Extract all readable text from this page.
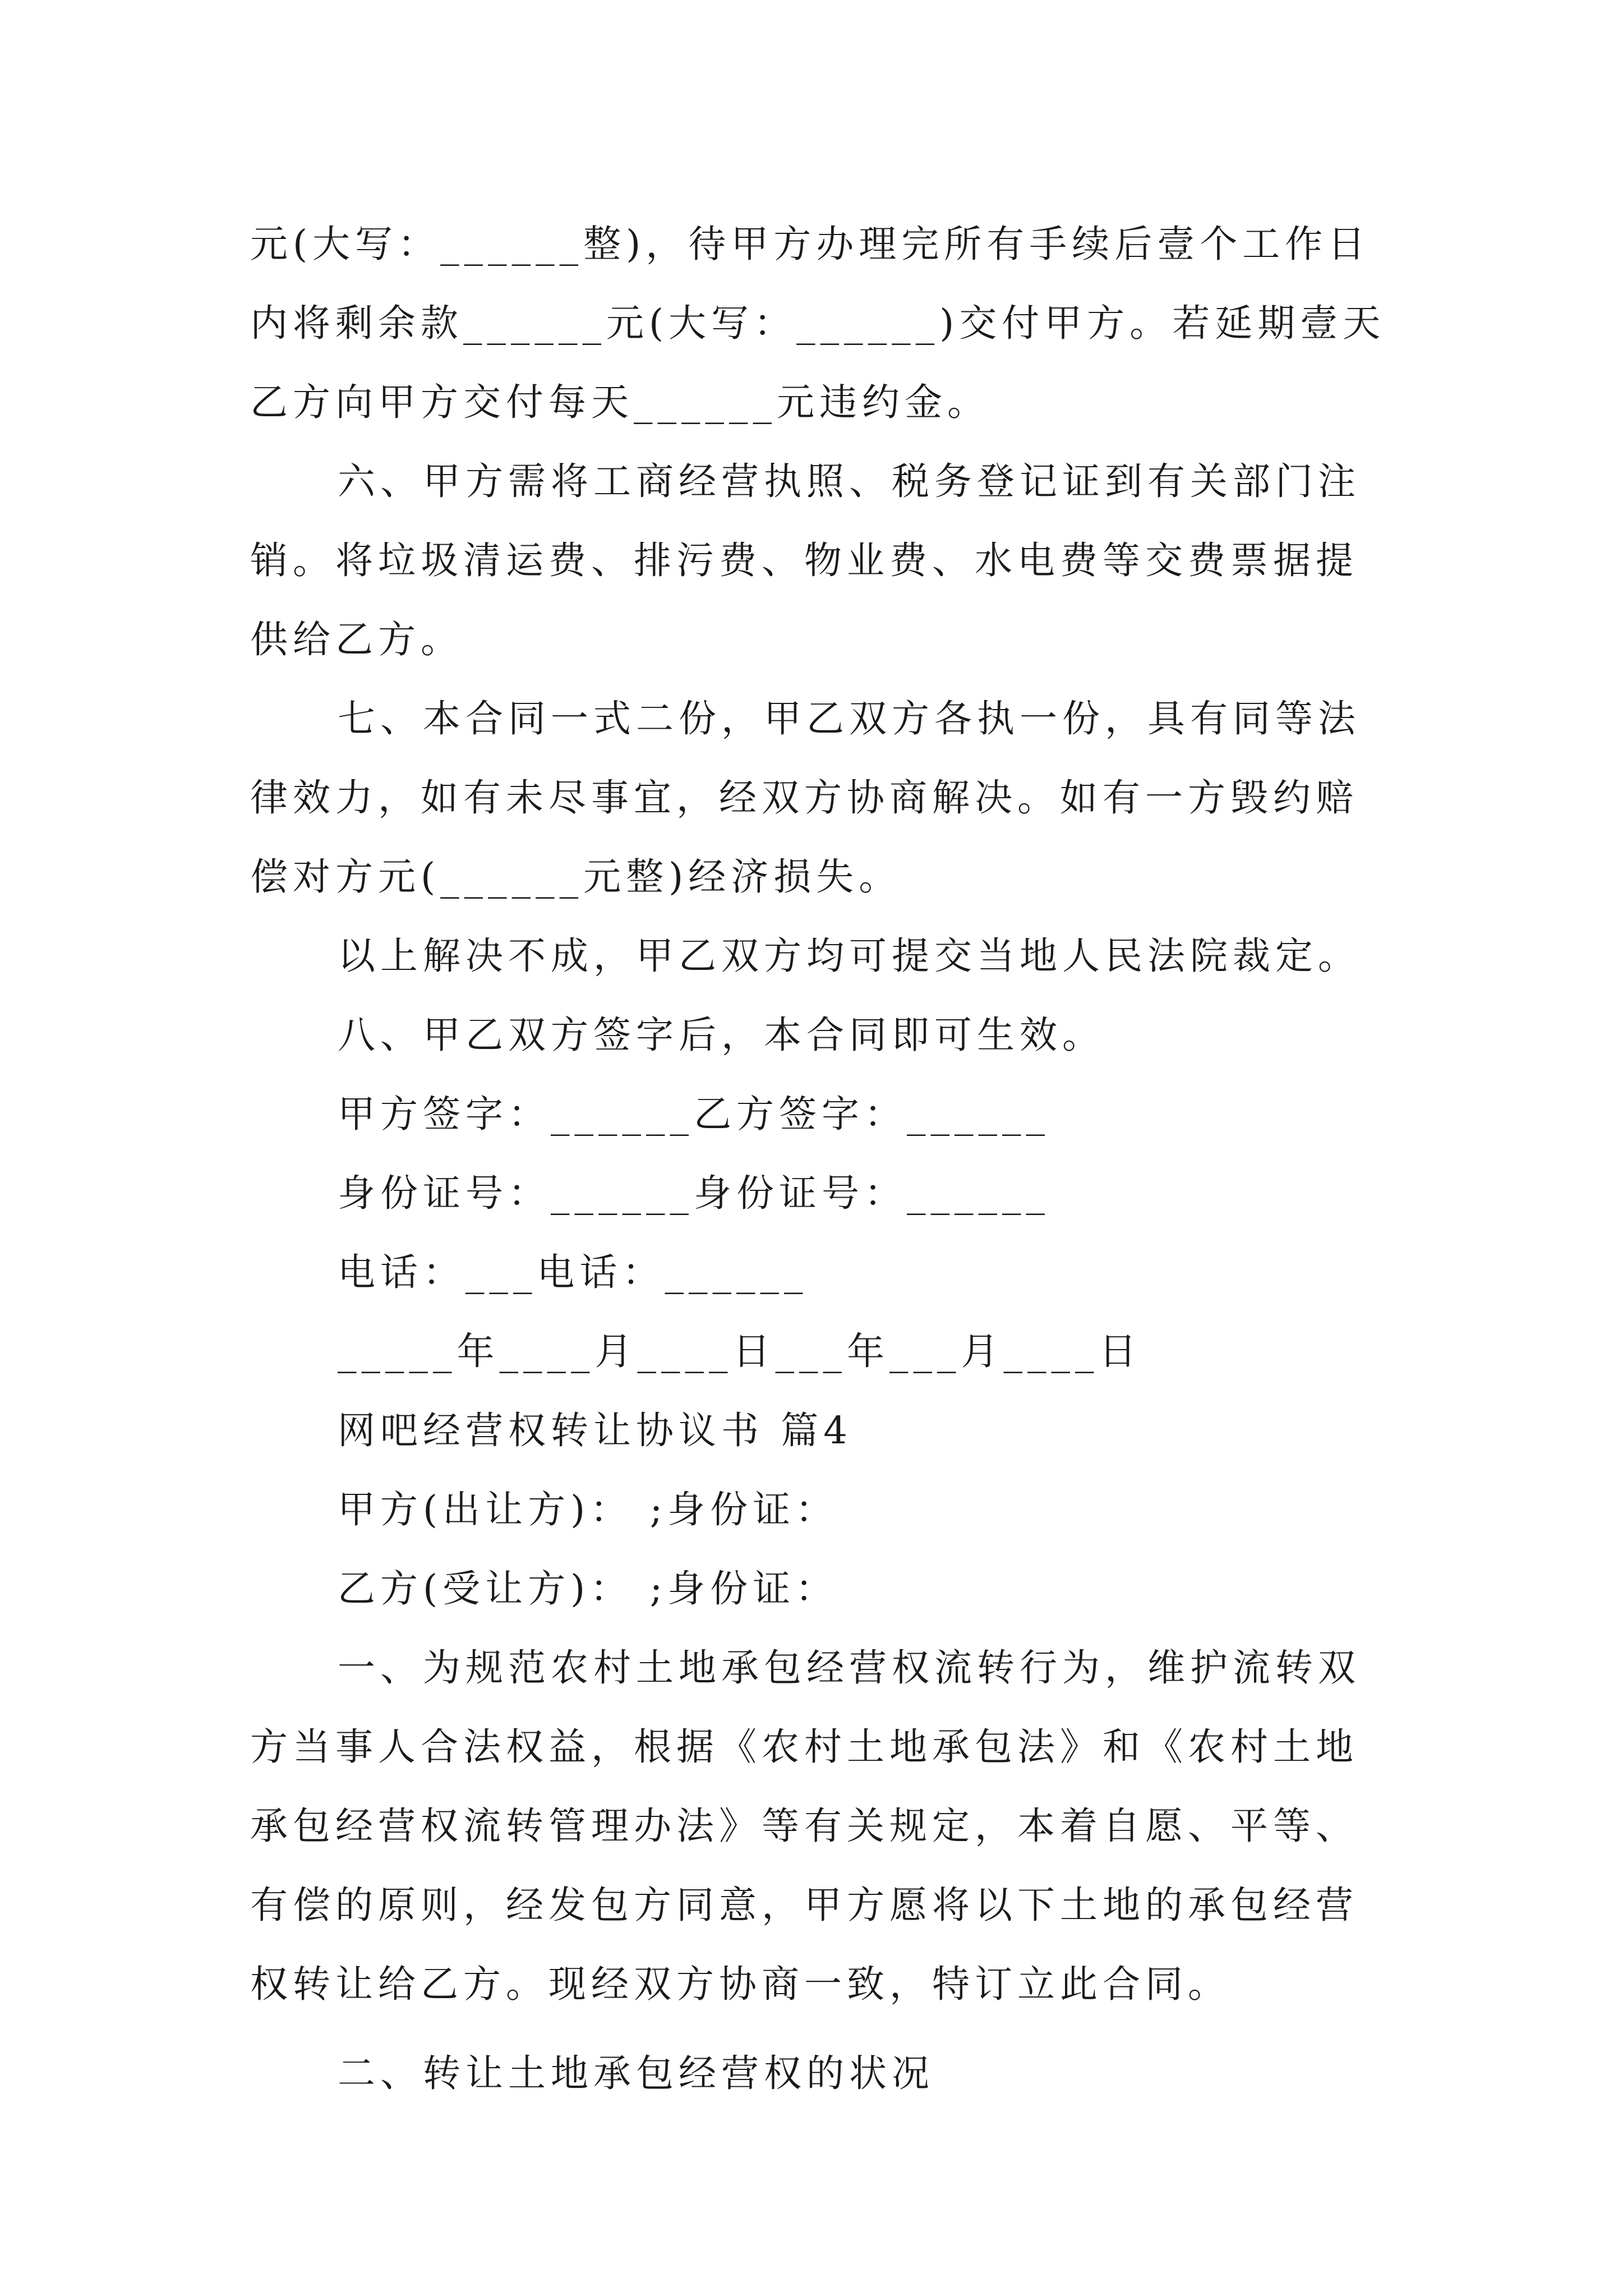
元(大写：______整)，待甲方办理完所有手续后壹个工作日
内将剩余款______元(大写：______)交付甲方。若延期壹天
乙方向甲方交付每天______元违约金。
六、甲方需将工商经营执照、税务登记证到有关部门注
销。将垃圾清运费、排污费、物业费、水电费等交费票据提
供给乙方。
七、本合同一式二份，甲乙双方各执一份，具有同等法
律效力，如有未尽事宜，经双方协商解决。如有一方毁约赔
偿对方元(______元整)经济损失。
以上解决不成，甲乙双方均可提交当地人民法院裁定。
八、甲乙双方签字后，本合同即可生效。
甲方签字：______乙方签字：______
身份证号：______身份证号：______
电话：___电话：______
_____年____月____日___年___月____日
网吧经营权转让协议书 篇4
甲方(出让方)： ;身份证：
乙方(受让方)： ;身份证：
一、为规范农村土地承包经营权流转行为，维护流转双
方当事人合法权益，根据《农村土地承包法》和《农村土地
承包经营权流转管理办法》等有关规定，本着自愿、平等、
有偿的原则，经发包方同意，甲方愿将以下土地的承包经营
权转让给乙方。现经双方协商一致，特订立此合同。
二、转让土地承包经营权的状况
